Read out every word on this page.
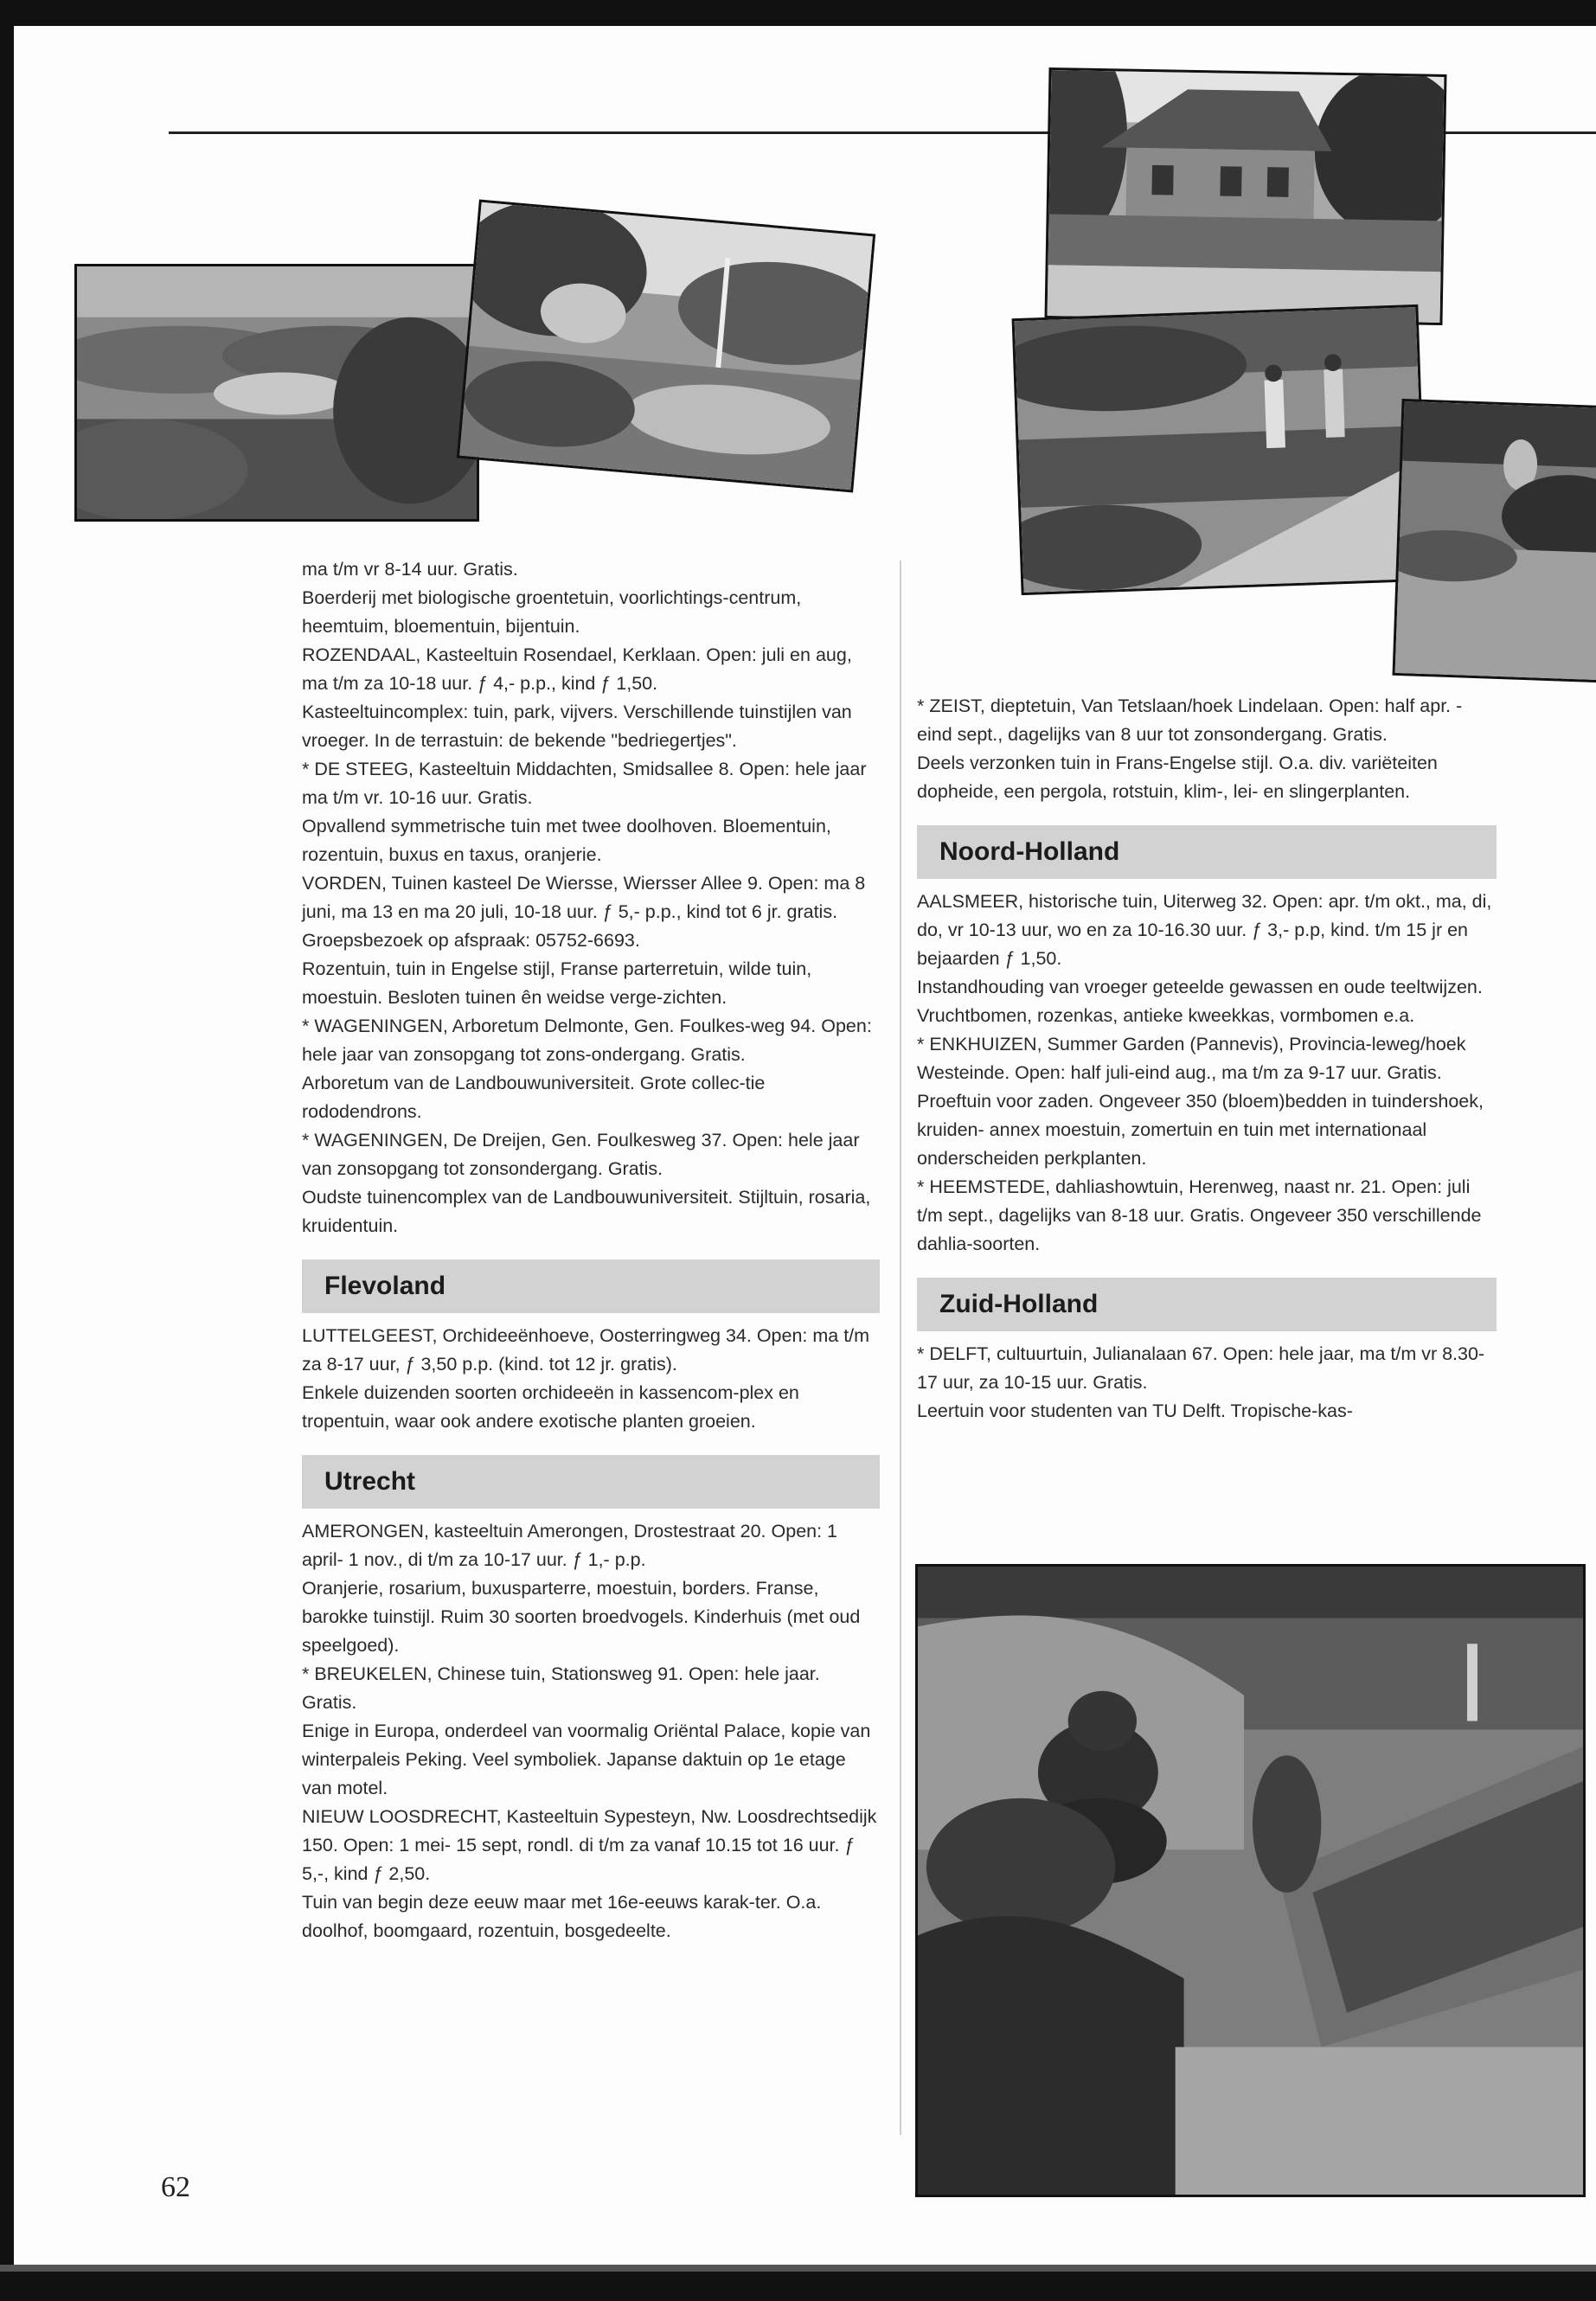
ma t/m vr 8-14 uur. Gratis.

Boerderij met biologische groentetuin, voorlichtings-centrum, heemtuim, bloementuin, bijentuin.

ROZENDAAL, Kasteeltuin Rosendael, Kerklaan. Open: juli en aug, ma t/m za 10-18 uur. ƒ 4,- p.p., kind ƒ 1,50.

Kasteeltuincomplex: tuin, park, vijvers. Verschillende tuinstijlen van vroeger. In de terrastuin: de bekende "bedriegertjes".

* DE STEEG, Kasteeltuin Middachten, Smidsallee 8. Open: hele jaar ma t/m vr. 10-16 uur. Gratis.

Opvallend symmetrische tuin met twee doolhoven. Bloementuin, rozentuin, buxus en taxus, oranjerie.

VORDEN, Tuinen kasteel De Wiersse, Wiersser Allee 9. Open: ma 8 juni, ma 13 en ma 20 juli, 10-18 uur. ƒ 5,- p.p., kind tot 6 jr. gratis. Groepsbezoek op afspraak: 05752-6693.

Rozentuin, tuin in Engelse stijl, Franse parterretuin, wilde tuin, moestuin. Besloten tuinen ên weidse verge-zichten.

* WAGENINGEN, Arboretum Delmonte, Gen. Foulkes-weg 94. Open: hele jaar van zonsopgang tot zons-ondergang. Gratis.

Arboretum van de Landbouwuniversiteit. Grote collec-tie rododendrons.

* WAGENINGEN, De Dreijen, Gen. Foulkesweg 37. Open: hele jaar van zonsopgang tot zonsondergang. Gratis.

Oudste tuinencomplex van de Landbouwuniversiteit. Stijltuin, rosaria, kruidentuin.

Flevoland

LUTTELGEEST, Orchideeënhoeve, Oosterringweg 34. Open: ma t/m za 8-17 uur, ƒ 3,50 p.p. (kind. tot 12 jr. gratis).

Enkele duizenden soorten orchideeën in kassencom-plex en tropentuin, waar ook andere exotische planten groeien.

Utrecht

AMERONGEN, kasteeltuin Amerongen, Drostestraat 20. Open: 1 april- 1 nov., di t/m za 10-17 uur. ƒ 1,- p.p.

Oranjerie, rosarium, buxusparterre, moestuin, borders. Franse, barokke tuinstijl. Ruim 30 soorten broedvogels. Kinderhuis (met oud speelgoed).

* BREUKELEN, Chinese tuin, Stationsweg 91. Open: hele jaar. Gratis.

Enige in Europa, onderdeel van voormalig Oriëntal Palace, kopie van winterpaleis Peking. Veel symboliek. Japanse daktuin op 1e etage van motel.

NIEUW LOOSDRECHT, Kasteeltuin Sypesteyn, Nw. Loosdrechtsedijk 150. Open: 1 mei- 15 sept, rondl. di t/m za vanaf 10.15 tot 16 uur. ƒ 5,-, kind ƒ 2,50.

Tuin van begin deze eeuw maar met 16e-eeuws karak-ter. O.a. doolhof, boomgaard, rozentuin, bosgedeelte.

* ZEIST, dieptetuin, Van Tetslaan/hoek Lindelaan. Open: half apr. - eind sept., dagelijks van 8 uur tot zonsondergang. Gratis.

Deels verzonken tuin in Frans-Engelse stijl. O.a. div. variëteiten dopheide, een pergola, rotstuin, klim-, lei- en slingerplanten.

Noord-Holland

AALSMEER, historische tuin, Uiterweg 32. Open: apr. t/m okt., ma, di, do, vr 10-13 uur, wo en za 10-16.30 uur. ƒ 3,- p.p, kind. t/m 15 jr en bejaarden ƒ 1,50.

Instandhouding van vroeger geteelde gewassen en oude teeltwijzen. Vruchtbomen, rozenkas, antieke kweekkas, vormbomen e.a.

* ENKHUIZEN, Summer Garden (Pannevis), Provincia-leweg/hoek Westeinde. Open: half juli-eind aug., ma t/m za 9-17 uur. Gratis.

Proeftuin voor zaden. Ongeveer 350 (bloem)bedden in tuindershoek, kruiden- annex moestuin, zomertuin en tuin met internationaal onderscheiden perkplanten.

* HEEMSTEDE, dahliashowtuin, Herenweg, naast nr. 21. Open: juli t/m sept., dagelijks van 8-18 uur. Gratis. Ongeveer 350 verschillende dahlia-soorten.

Zuid-Holland

* DELFT, cultuurtuin, Julianalaan 67. Open: hele jaar, ma t/m vr 8.30-17 uur, za 10-15 uur. Gratis.

Leertuin voor studenten van TU Delft. Tropische-kas-

62
